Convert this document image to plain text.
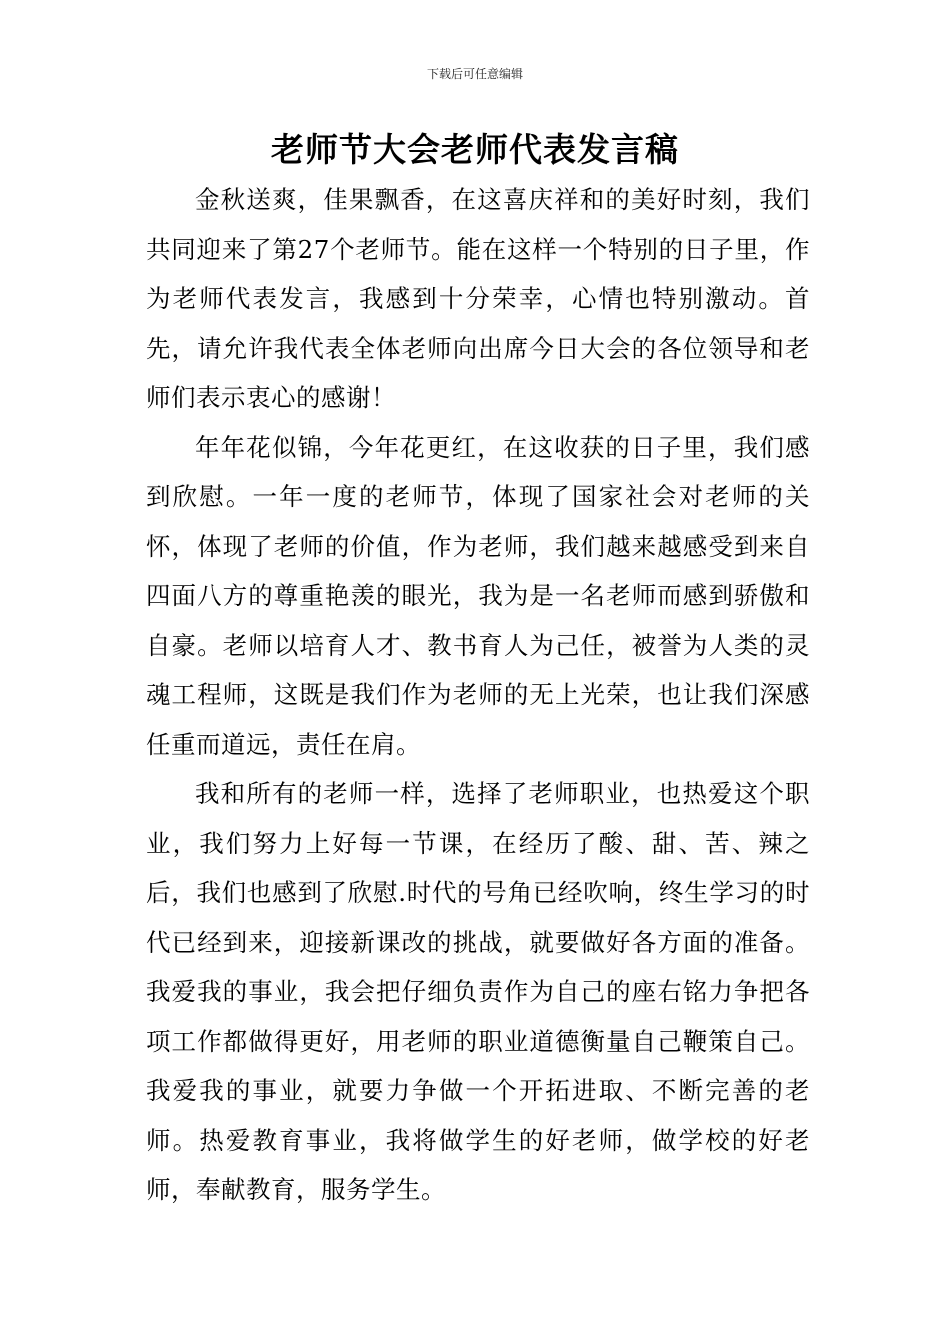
下载后可任意编辑
老师节大会老师代表发言稿

金秋送爽，佳果飘香，在这喜庆祥和的美好时刻，我们共同迎来了第27个老师节。能在这样一个特别的日子里，作为老师代表发言，我感到十分荣幸，心情也特别激动。首先，请允许我代表全体老师向出席今日大会的各位领导和老师们表示衷心的感谢！

年年花似锦，今年花更红，在这收获的日子里，我们感到欣慰。一年一度的老师节，体现了国家社会对老师的关怀，体现了老师的价值，作为老师，我们越来越感受到来自四面八方的尊重艳羡的眼光，我为是一名老师而感到骄傲和自豪。老师以培育人才、教书育人为己任，被誉为人类的灵魂工程师，这既是我们作为老师的无上光荣，也让我们深感任重而道远，责任在肩。

我和所有的老师一样，选择了老师职业，也热爱这个职业，我们努力上好每一节课，在经历了酸、甜、苦、辣之后，我们也感到了欣慰.时代的号角已经吹响，终生学习的时代已经到来，迎接新课改的挑战，就要做好各方面的准备。我爱我的事业，我会把仔细负责作为自己的座右铭力争把各项工作都做得更好，用老师的职业道德衡量自己鞭策自己。我爱我的事业，就要力争做一个开拓进取、不断完善的老师。热爱教育事业，我将做学生的好老师，做学校的好老师，奉献教育，服务学生。
